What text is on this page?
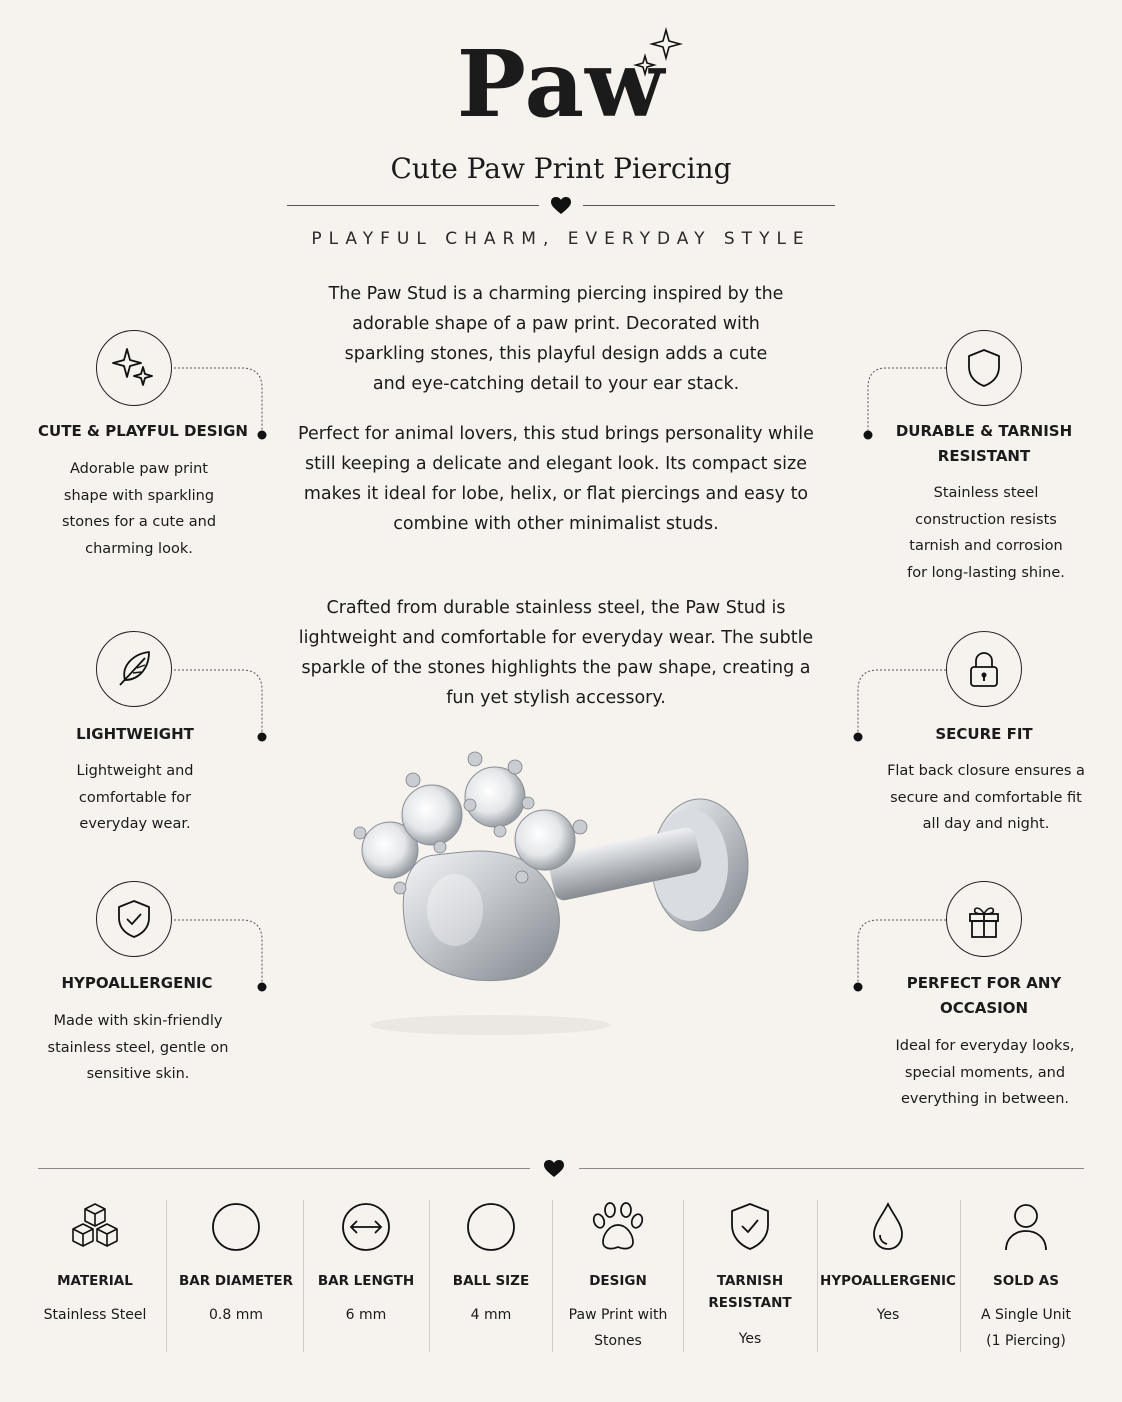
Paw
Cute Paw Print Piercing
PLAYFUL CHARM, EVERYDAY STYLE
The Paw Stud is a charming piercing inspired by the adorable shape of a paw print. Decorated with sparkling stones, this playful design adds a cute and eye-catching detail to your ear stack.
Perfect for animal lovers, this stud brings personality while still keeping a delicate and elegant look. Its compact size makes it ideal for lobe, helix, or flat piercings and easy to combine with other minimalist studs.
Crafted from durable stainless steel, the Paw Stud is lightweight and comfortable for everyday wear. The subtle sparkle of the stones highlights the paw shape, creating a fun yet stylish accessory.
CUTE & PLAYFUL DESIGN
Adorable paw print shape with sparkling stones for a cute and charming look.
LIGHTWEIGHT
Lightweight and comfortable for everyday wear.
HYPOALLERGENIC
Made with skin-friendly stainless steel, gentle on sensitive skin.
DURABLE & TARNISH RESISTANT
Stainless steel construction resists tarnish and corrosion for long-lasting shine.
SECURE FIT
Flat back closure ensures a secure and comfortable fit all day and night.
PERFECT FOR ANY OCCASION
Ideal for everyday looks, special moments, and everything in between.
MATERIAL
Stainless Steel
BAR DIAMETER
0.8 mm
BAR LENGTH
6 mm
BALL SIZE
4 mm
DESIGN
Paw Print with Stones
TARNISH RESISTANT
Yes
HYPOALLERGENIC
Yes
SOLD AS
A Single Unit (1 Piercing)
